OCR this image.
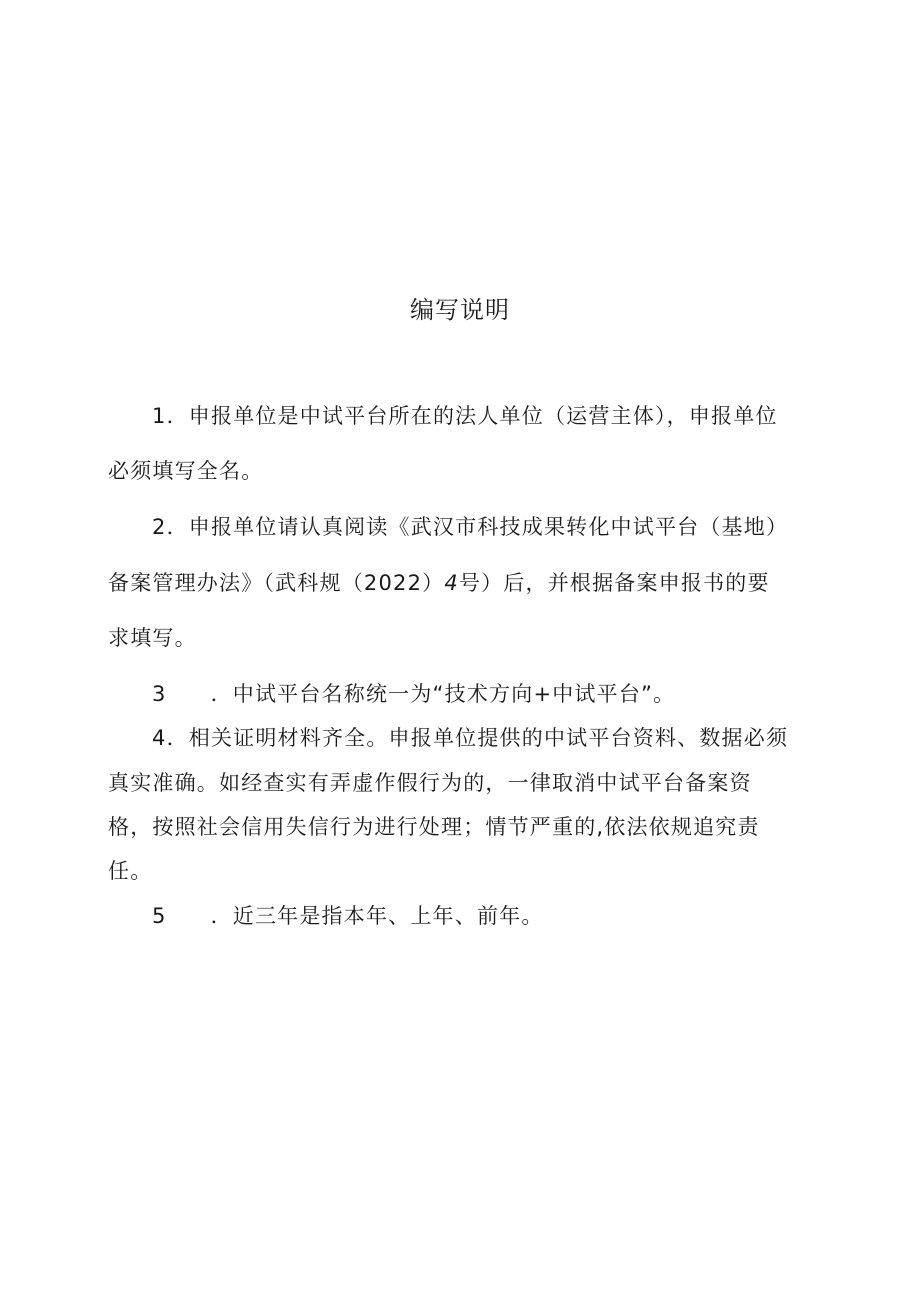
编写说明
1．申报单位是中试平台所在的法人单位（运营主体），申报单位
必须填写全名。
2．申报单位请认真阅读《武汉市科技成果转化中试平台（基地）
备案管理办法》（武科规（2022）4号）后，并根据备案申报书的要
求填写。
3 ．中试平台名称统一为“技术方向+中试平台”。
4．相关证明材料齐全。申报单位提供的中试平台资料、数据必须
真实准确。如经查实有弄虚作假行为的，一律取消中试平台备案资
格，按照社会信用失信行为进行处理；情节严重的,依法依规追究责
任。
5 ．近三年是指本年、上年、前年。
